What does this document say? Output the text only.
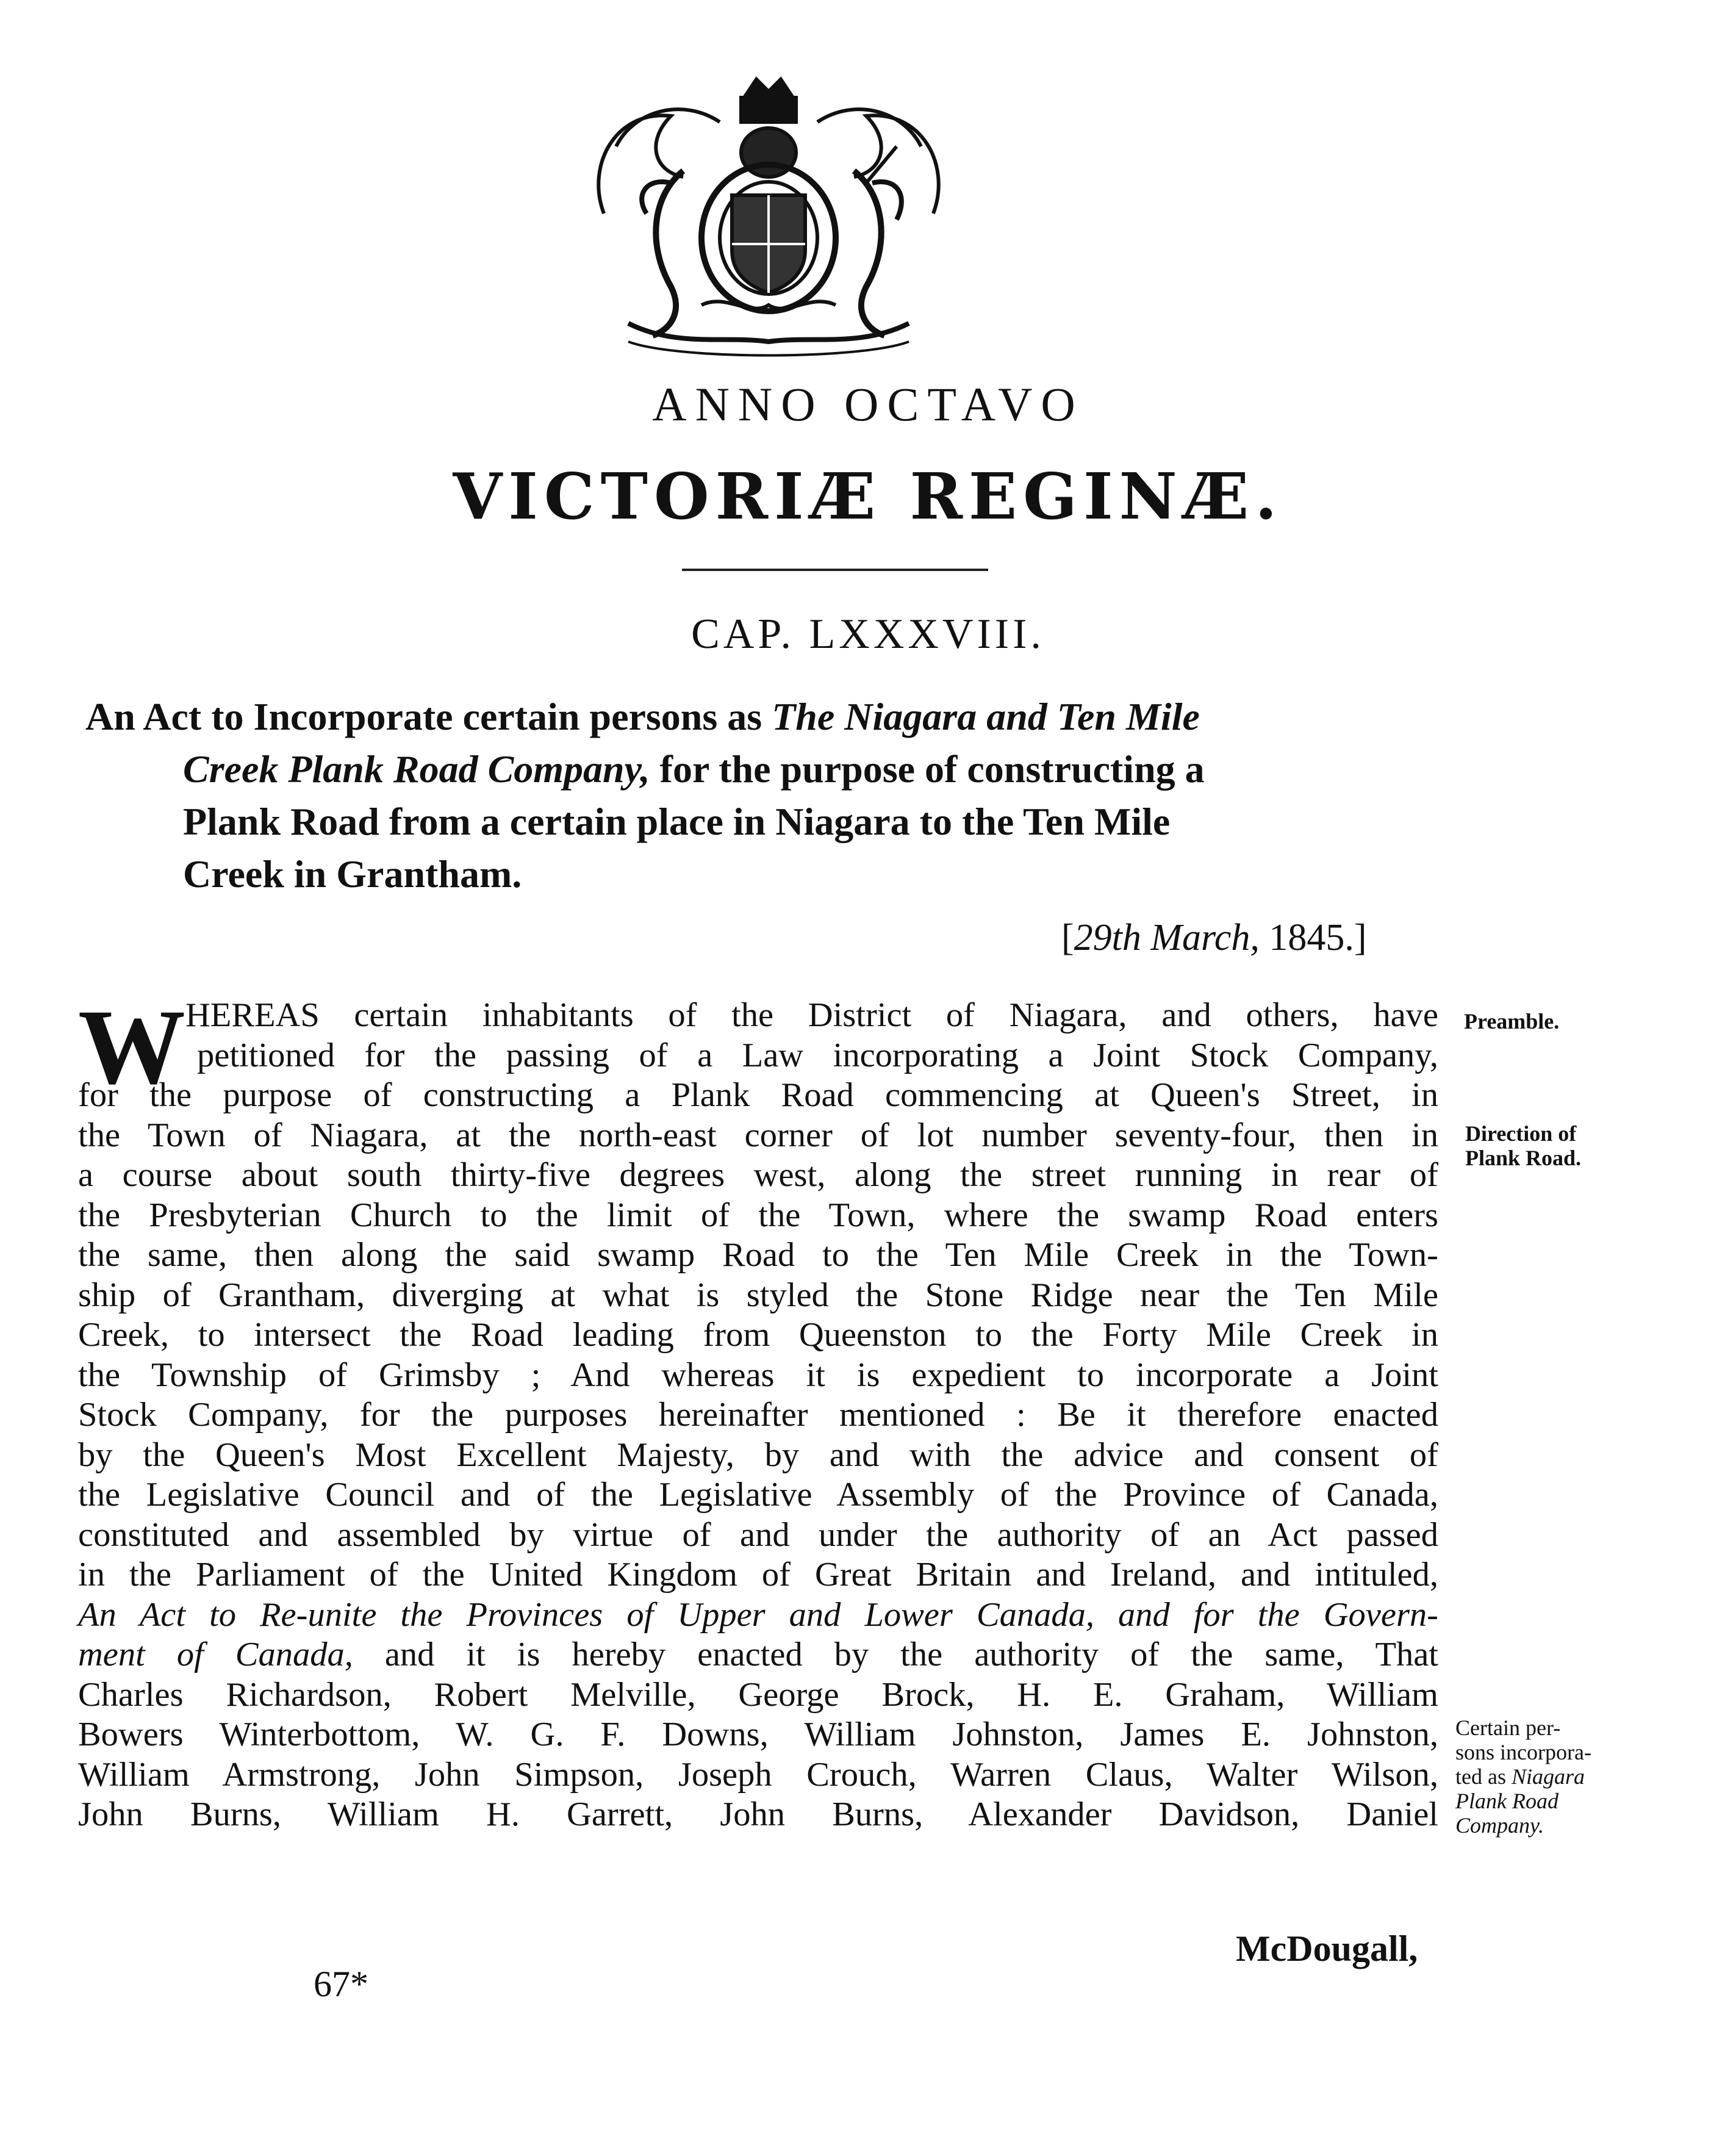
ANNO OCTAVO
VICTORIÆ REGINÆ.
CAP. LXXXVIII.
An Act to Incorporate certain persons as The Niagara and Ten Mile
Creek Plank Road Company, for the purpose of constructing a
Plank Road from a certain place in Niagara to the Ten Mile
Creek in Grantham.
[29th March, 1845.]
W HEREAS certain inhabitants of the District of Niagara, and others, have
petitioned for the passing of a Law incorporating a Joint Stock Company,
for the purpose of constructing a Plank Road commencing at Queen's Street, in
the Town of Niagara, at the north-east corner of lot number seventy-four, then in
a course about south thirty-five degrees west, along the street running in rear of
the Presbyterian Church to the limit of the Town, where the swamp Road enters
the same, then along the said swamp Road to the Ten Mile Creek in the Town-
ship of Grantham, diverging at what is styled the Stone Ridge near the Ten Mile
Creek, to intersect the Road leading from Queenston to the Forty Mile Creek in
the Township of Grimsby ; And whereas it is expedient to incorporate a Joint
Stock Company, for the purposes hereinafter mentioned : Be it therefore enacted
by the Queen's Most Excellent Majesty, by and with the advice and consent of
the Legislative Council and of the Legislative Assembly of the Province of Canada,
constituted and assembled by virtue of and under the authority of an Act passed
in the Parliament of the United Kingdom of Great Britain and Ireland, and intituled,
An Act to Re-unite the Provinces of Upper and Lower Canada, and for the Govern-
ment of Canada, and it is hereby enacted by the authority of the same, That
Charles Richardson, Robert Melville, George Brock, H. E. Graham, William
Bowers Winterbottom, W. G. F. Downs, William Johnston, James E. Johnston,
William Armstrong, John Simpson, Joseph Crouch, Warren Claus, Walter Wilson,
John Burns, William H. Garrett, John Burns, Alexander Davidson, Daniel
Preamble.
Direction of
Plank Road.
Certain per-
sons incorpora-
ted as Niagara
Plank Road
Company.
McDougall,
67*
